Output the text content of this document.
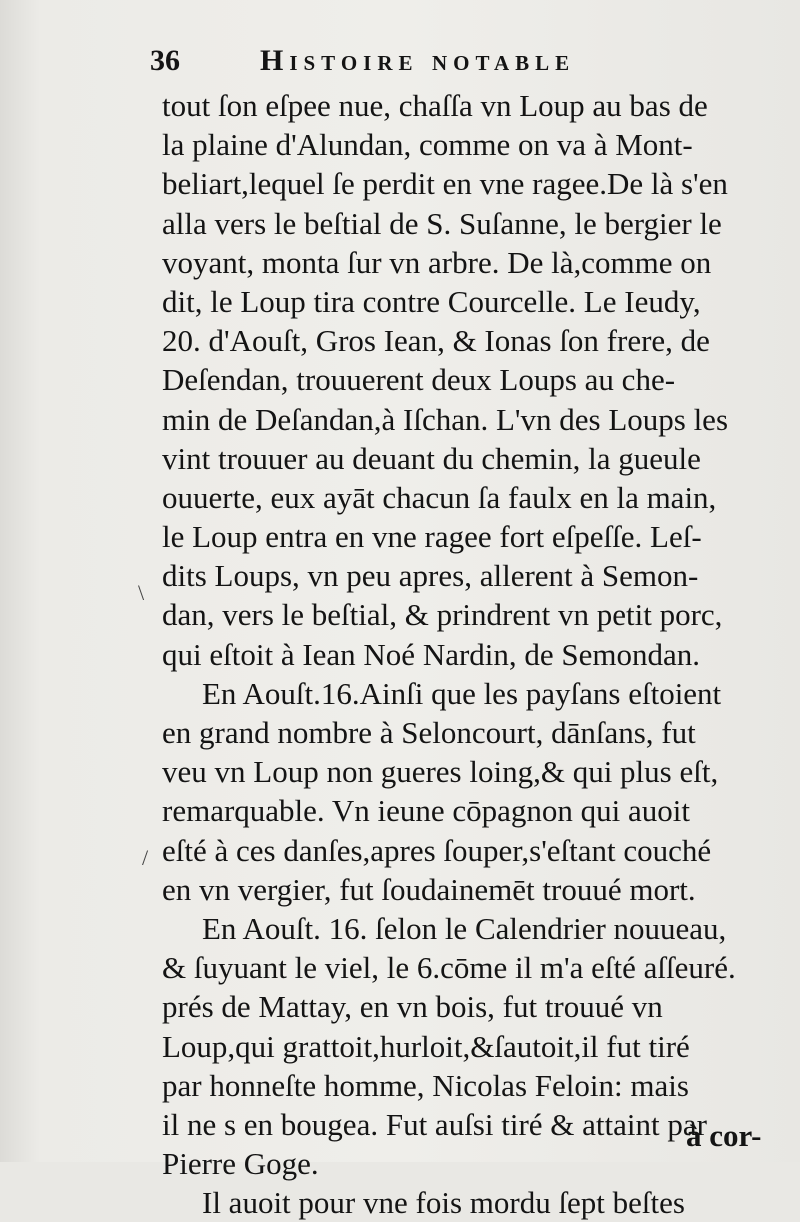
36	Histoire notable
tout ſon eſpee nue, chaſſa vn Loup au bas de
la plaine d'Alundan, comme on va à Mont-
beliart,lequel ſe perdit en vne ragee.De là s'en
alla vers le beſtial de S. Suſanne, le bergier le
voyant, monta ſur vn arbre. De là,comme on
dit, le Loup tira contre Courcelle. Le Ieudy,
20. d'Aouſt, Gros Iean, & Ionas ſon frere, de
Deſendan, trouuerent deux Loups au che-
min de Deſandan,à Iſchan. L'vn des Loups les
vint trouuer au deuant du chemin, la gueule
ouuerte, eux ayāt chacun ſa faulx en la main,
le Loup entra en vne ragee fort eſpeſſe. Leſ-
dits Loups, vn peu apres, allerent à Semon-
dan, vers le beſtial, & prindrent vn petit porc,
qui eſtoit à Iean Noé Nardin, de Semondan.
En Aouſt.16.Ainſi que les payſans eſtoient
en grand nombre à Seloncourt, dānſans, fut
veu vn Loup non gueres loing,& qui plus eſt,
remarquable. Vn ieune cōpagnon qui auoit
eſté à ces danſes,apres ſouper,s'eſtant couché
en vn vergier, fut ſoudainemēt trouué mort.
En Aouſt. 16. ſelon le Calendrier nouueau,
& ſuyuant le viel, le 6.cōme il m'a eſté aſſeuré.
prés de Mattay, en vn bois, fut trouué vn
Loup,qui grattoit,hurloit,&ſautoit,il fut tiré
par honneſte homme, Nicolas Feloin: mais
il ne s en bougea. Fut auſsi tiré & attaint par
Pierre Goge.
Il auoit pour vne fois mordu ſept beſtes
à cor-
\
/
